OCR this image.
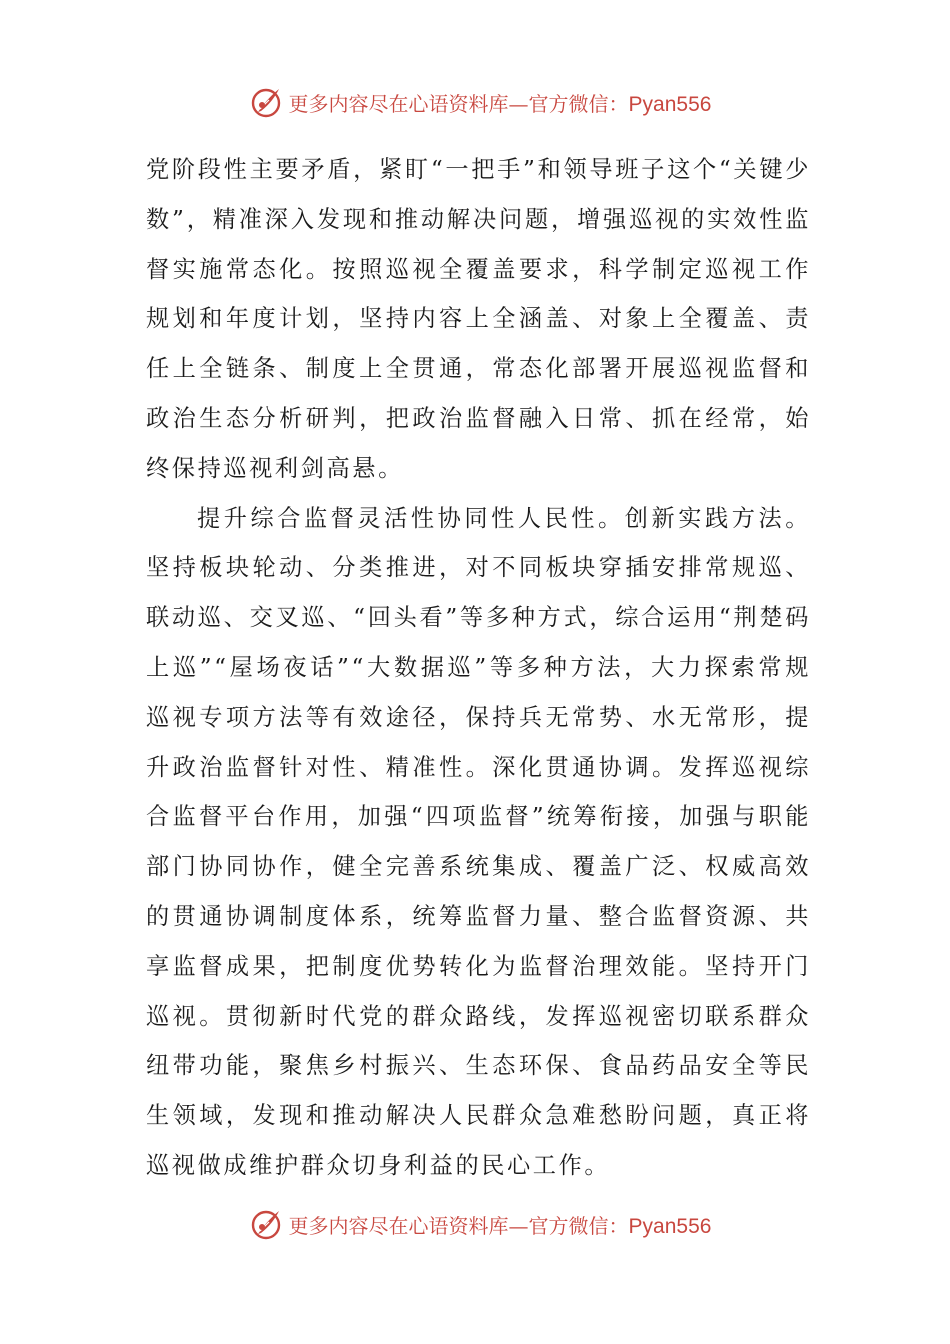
更多内容尽在心语资料库—官方微信：Pyan556

党阶段性主要矛盾，紧盯“一把手”和领导班子这个“关键少数”，精准深入发现和推动解决问题，增强巡视的实效性监督实施常态化。按照巡视全覆盖要求，科学制定巡视工作规划和年度计划，坚持内容上全涵盖、对象上全覆盖、责任上全链条、制度上全贯通，常态化部署开展巡视监督和政治生态分析研判，把政治监督融入日常、抓在经常，始终保持巡视利剑高悬。

提升综合监督灵活性协同性人民性。创新实践方法。坚持板块轮动、分类推进，对不同板块穿插安排常规巡、联动巡、交叉巡、“回头看”等多种方式，综合运用“荆楚码上巡”“屋场夜话”“大数据巡”等多种方法，大力探索常规巡视专项方法等有效途径，保持兵无常势、水无常形，提升政治监督针对性、精准性。深化贯通协调。发挥巡视综合监督平台作用，加强“四项监督”统筹衔接，加强与职能部门协同协作，健全完善系统集成、覆盖广泛、权威高效的贯通协调制度体系，统筹监督力量、整合监督资源、共享监督成果，把制度优势转化为监督治理效能。坚持开门巡视。贯彻新时代党的群众路线，发挥巡视密切联系群众纽带功能，聚焦乡村振兴、生态环保、食品药品安全等民生领域，发现和推动解决人民群众急难愁盼问题，真正将巡视做成维护群众切身利益的民心工作。

更多内容尽在心语资料库—官方微信：Pyan556
